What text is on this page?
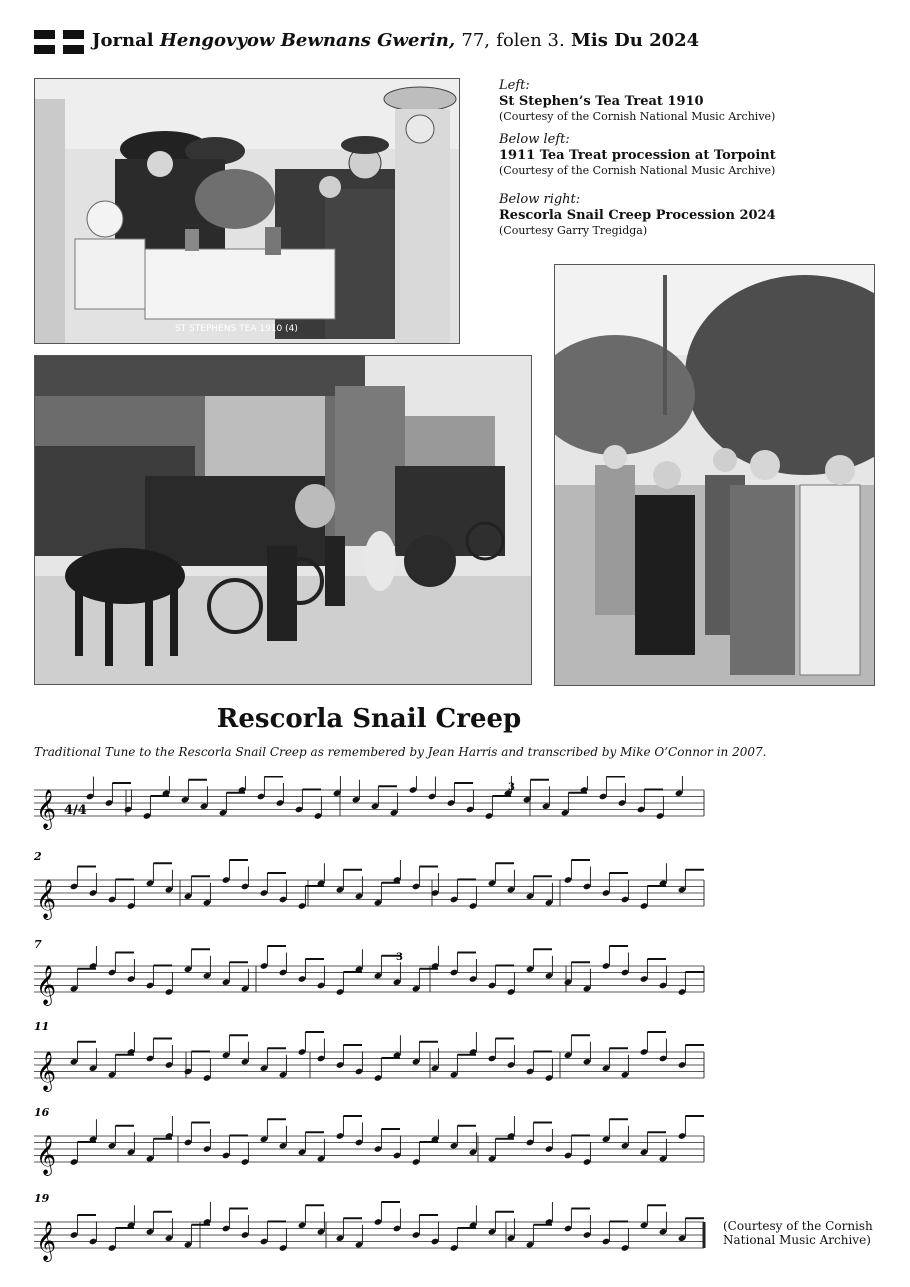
Jornal Hengovyow Bewnans Gwerin, 77, folen 3. Mis Du 2024
ST STEPHENS TEA 1910 (4)
Left:
St Stephen’s Tea Treat 1910
(Courtesy of the Cornish National Music Archive)
Below left:
1911 Tea Treat procession at Torpoint
(Courtesy of the Cornish National Music Archive)
Below right:
Rescorla Snail Creep Procession 2024
(Courtesy Garry Tregidga)
Rescorla Snail Creep
Traditional Tune to the Rescorla Snail Creep as remembered by Jean Harris and transcribed by Mike O’Connor in 2007.
𝄞 4/4
𝄞
𝄞
𝄞
𝄞
𝄞
2
7
11
16
19
3
3
(Courtesy of the Cornish
National Music Archive)
